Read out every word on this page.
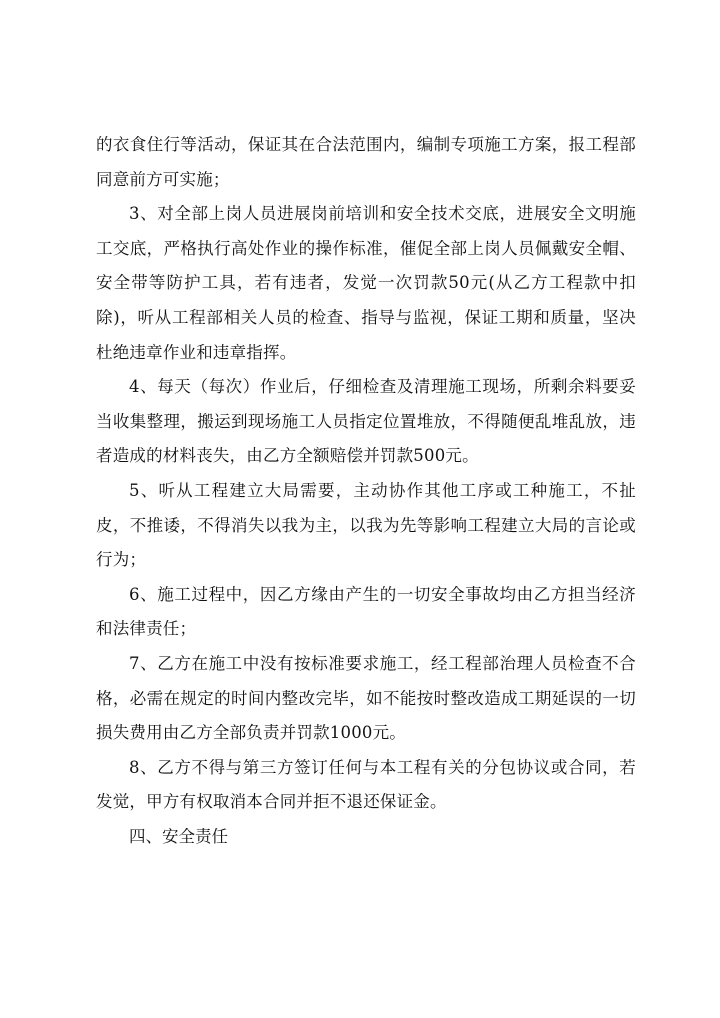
的衣食住行等活动，保证其在合法范围内，编制专项施工方案，报工程部同意前方可实施；

3、对全部上岗人员进展岗前培训和安全技术交底，进展安全文明施工交底，严格执行高处作业的操作标准，催促全部上岗人员佩戴安全帽、安全带等防护工具，若有违者，发觉一次罚款50元(从乙方工程款中扣除)，听从工程部相关人员的检查、指导与监视，保证工期和质量，坚决杜绝违章作业和违章指挥。

4、每天（每次）作业后，仔细检查及清理施工现场，所剩余料要妥当收集整理，搬运到现场施工人员指定位置堆放，不得随便乱堆乱放，违者造成的材料丧失，由乙方全额赔偿并罚款500元。

5、听从工程建立大局需要，主动协作其他工序或工种施工，不扯皮，不推诿，不得消失以我为主，以我为先等影响工程建立大局的言论或行为；

6、施工过程中，因乙方缘由产生的一切安全事故均由乙方担当经济和法律责任；

7、乙方在施工中没有按标准要求施工，经工程部治理人员检查不合格，必需在规定的时间内整改完毕，如不能按时整改造成工期延误的一切损失费用由乙方全部负责并罚款1000元。

8、乙方不得与第三方签订任何与本工程有关的分包协议或合同，若发觉，甲方有权取消本合同并拒不退还保证金。

四、安全责任
